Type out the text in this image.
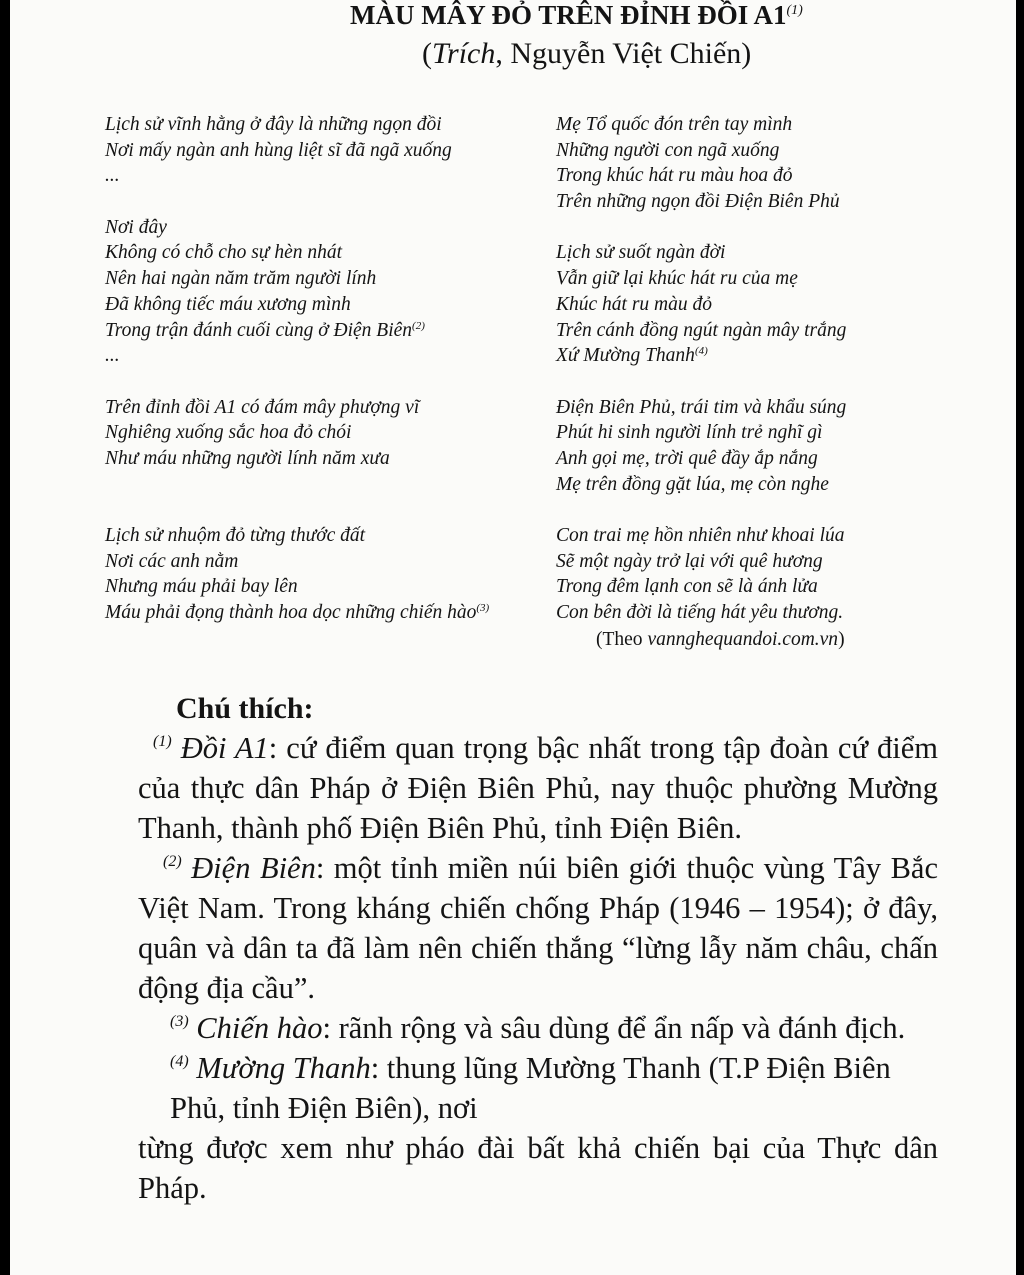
MÀU MÂY ĐỎ TRÊN ĐỈNH ĐỒI A1$^{(1)}$
(Trích, Nguyễn Việt Chiến)
Lịch sử vĩnh hằng ở đây là những ngọn đồi
Nơi mấy ngàn anh hùng liệt sĩ đã ngã xuống
...
Nơi đây
Không có chỗ cho sự hèn nhát
Nên hai ngàn năm trăm người lính
Đã không tiếc máu xương mình
Trong trận đánh cuối cùng ở Điện Biên$^{(2)}$
...
Trên đỉnh đồi A1 có đám mây phượng vĩ
Nghiêng xuống sắc hoa đỏ chói
Như máu những người lính năm xưa
Lịch sử nhuộm đỏ từng thước đất
Nơi các anh nằm
Nhưng máu phải bay lên
Máu phải đọng thành hoa dọc những chiến hào$^{(3)}$
Mẹ Tổ quốc đón trên tay mình
Những người con ngã xuống
Trong khúc hát ru màu hoa đỏ
Trên những ngọn đồi Điện Biên Phủ
Lịch sử suốt ngàn đời
Vẫn giữ lại khúc hát ru của mẹ
Khúc hát ru màu đỏ
Trên cánh đồng ngút ngàn mây trắng
Xứ Mường Thanh$^{(4)}$
Điện Biên Phủ, trái tim và khẩu súng
Phút hi sinh người lính trẻ nghĩ gì
Anh gọi mẹ, trời quê đầy ắp nắng
Mẹ trên đồng gặt lúa, mẹ còn nghe
Con trai mẹ hồn nhiên như khoai lúa
Sẽ một ngày trở lại với quê hương
Trong đêm lạnh con sẽ là ánh lửa
Con bên đời là tiếng hát yêu thương.
(Theo vannghequandoi.com.vn)
Chú thích:

$^{(1)}$ Đồi A1: cứ điểm quan trọng bậc nhất trong tập đoàn cứ điểm của thực dân Pháp ở Điện Biên Phủ, nay thuộc phường Mường Thanh, thành phố Điện Biên Phủ, tỉnh Điện Biên.

$^{(2)}$ Điện Biên: một tỉnh miền núi biên giới thuộc vùng Tây Bắc Việt Nam. Trong kháng chiến chống Pháp (1946 – 1954); ở đây, quân và dân ta đã làm nên chiến thắng “lừng lẫy năm châu, chấn động địa cầu”.

$^{(3)}$ Chiến hào: rãnh rộng và sâu dùng để ẩn nấp và đánh địch.

$^{(4)}$ Mường Thanh: thung lũng Mường Thanh (T.P Điện Biên Phủ, tỉnh Điện Biên), nơi

từng được xem như pháo đài bất khả chiến bại của Thực dân Pháp.
